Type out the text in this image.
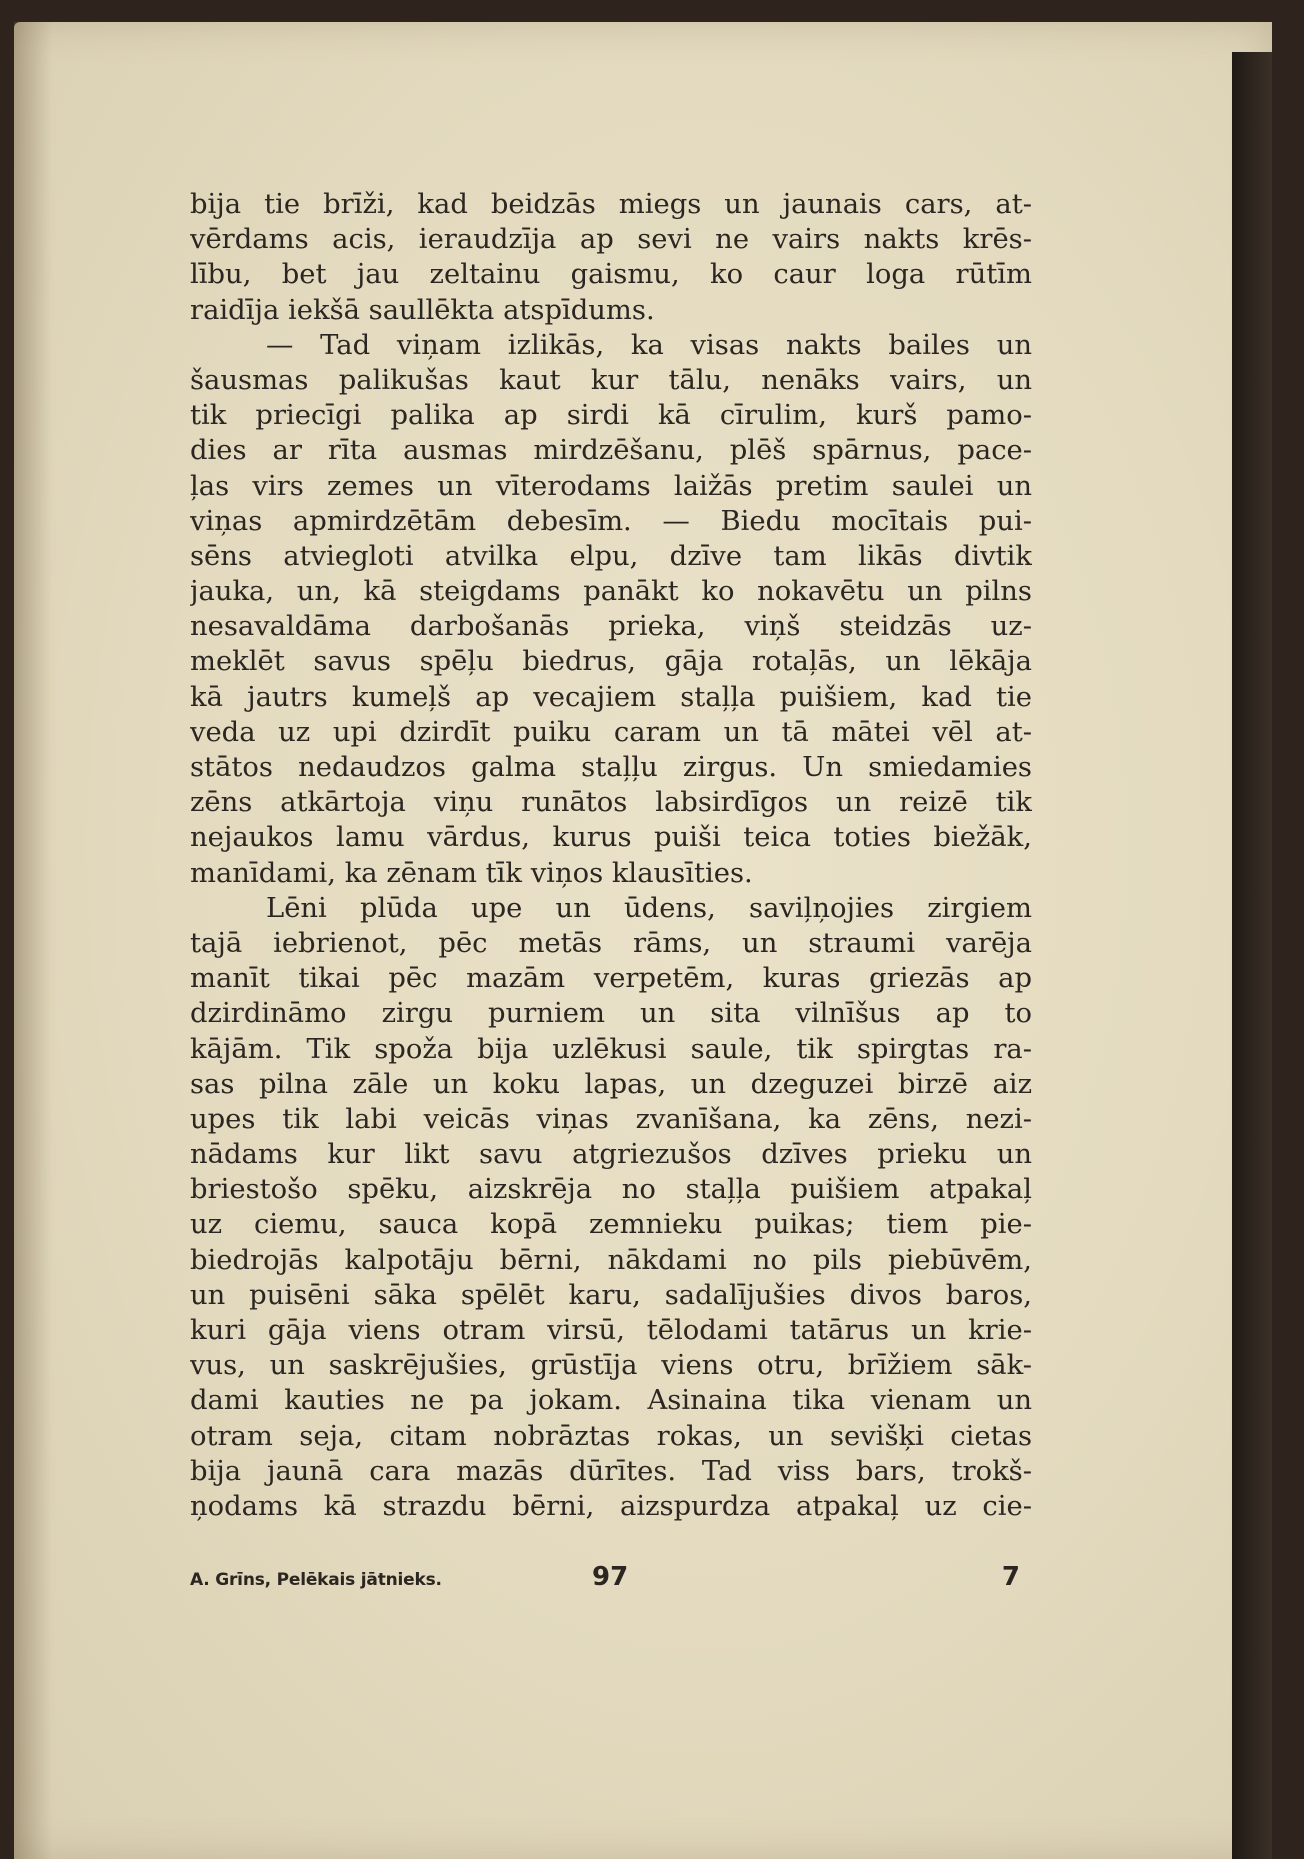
bija tie brīži, kad beidzās miegs un jaunais cars, at-
vērdams acis, ieraudzīja ap sevi ne vairs nakts krēs-
lību, bet jau zeltainu gaismu, ko caur loga rūtīm
raidīja iekšā saullēkta atspīdums.
— Tad viņam izlikās, ka visas nakts bailes un
šausmas palikušas kaut kur tālu, nenāks vairs, un
tik priecīgi palika ap sirdi kā cīrulim, kurš pamo-
dies ar rīta ausmas mirdzēšanu, plēš spārnus, pace-
ļas virs zemes un vīterodams laižās pretim saulei un
viņas apmirdzētām debesīm. — Biedu mocītais pui-
sēns atviegloti atvilka elpu, dzīve tam likās divtik
jauka, un, kā steigdams panākt ko nokavētu un pilns
nesavaldāma darbošanās prieka, viņš steidzās uz-
meklēt savus spēļu biedrus, gāja rotaļās, un lēkāja
kā jautrs kumeļš ap vecajiem staļļa puišiem, kad tie
veda uz upi dzirdīt puiku caram un tā mātei vēl at-
stātos nedaudzos galma staļļu zirgus. Un smiedamies
zēns atkārtoja viņu runātos labsirdīgos un reizē tik
nejaukos lamu vārdus, kurus puiši teica toties biežāk,
manīdami, ka zēnam tīk viņos klausīties.
Lēni plūda upe un ūdens, saviļņojies zirgiem
tajā iebrienot, pēc metās rāms, un straumi varēja
manīt tikai pēc mazām verpetēm, kuras griezās ap
dzirdināmo zirgu purniem un sita vilnīšus ap to
kājām. Tik spoža bija uzlēkusi saule, tik spirgtas ra-
sas pilna zāle un koku lapas, un dzeguzei birzē aiz
upes tik labi veicās viņas zvanīšana, ka zēns, nezi-
nādams kur likt savu atgriezušos dzīves prieku un
briestošo spēku, aizskrēja no staļļa puišiem atpakaļ
uz ciemu, sauca kopā zemnieku puikas; tiem pie-
biedrojās kalpotāju bērni, nākdami no pils piebūvēm,
un puisēni sāka spēlēt karu, sadalījušies divos baros,
kuri gāja viens otram virsū, tēlodami tatārus un krie-
vus, un saskrējušies, grūstīja viens otru, brīžiem sāk-
dami kauties ne pa jokam. Asinaina tika vienam un
otram seja, citam nobrāztas rokas, un sevišķi cietas
bija jaunā cara mazās dūrītes. Tad viss bars, trokš-
ņodams kā strazdu bērni, aizspurdza atpakaļ uz cie-
A. Grīns, Pelēkais jātnieks.	97	7
